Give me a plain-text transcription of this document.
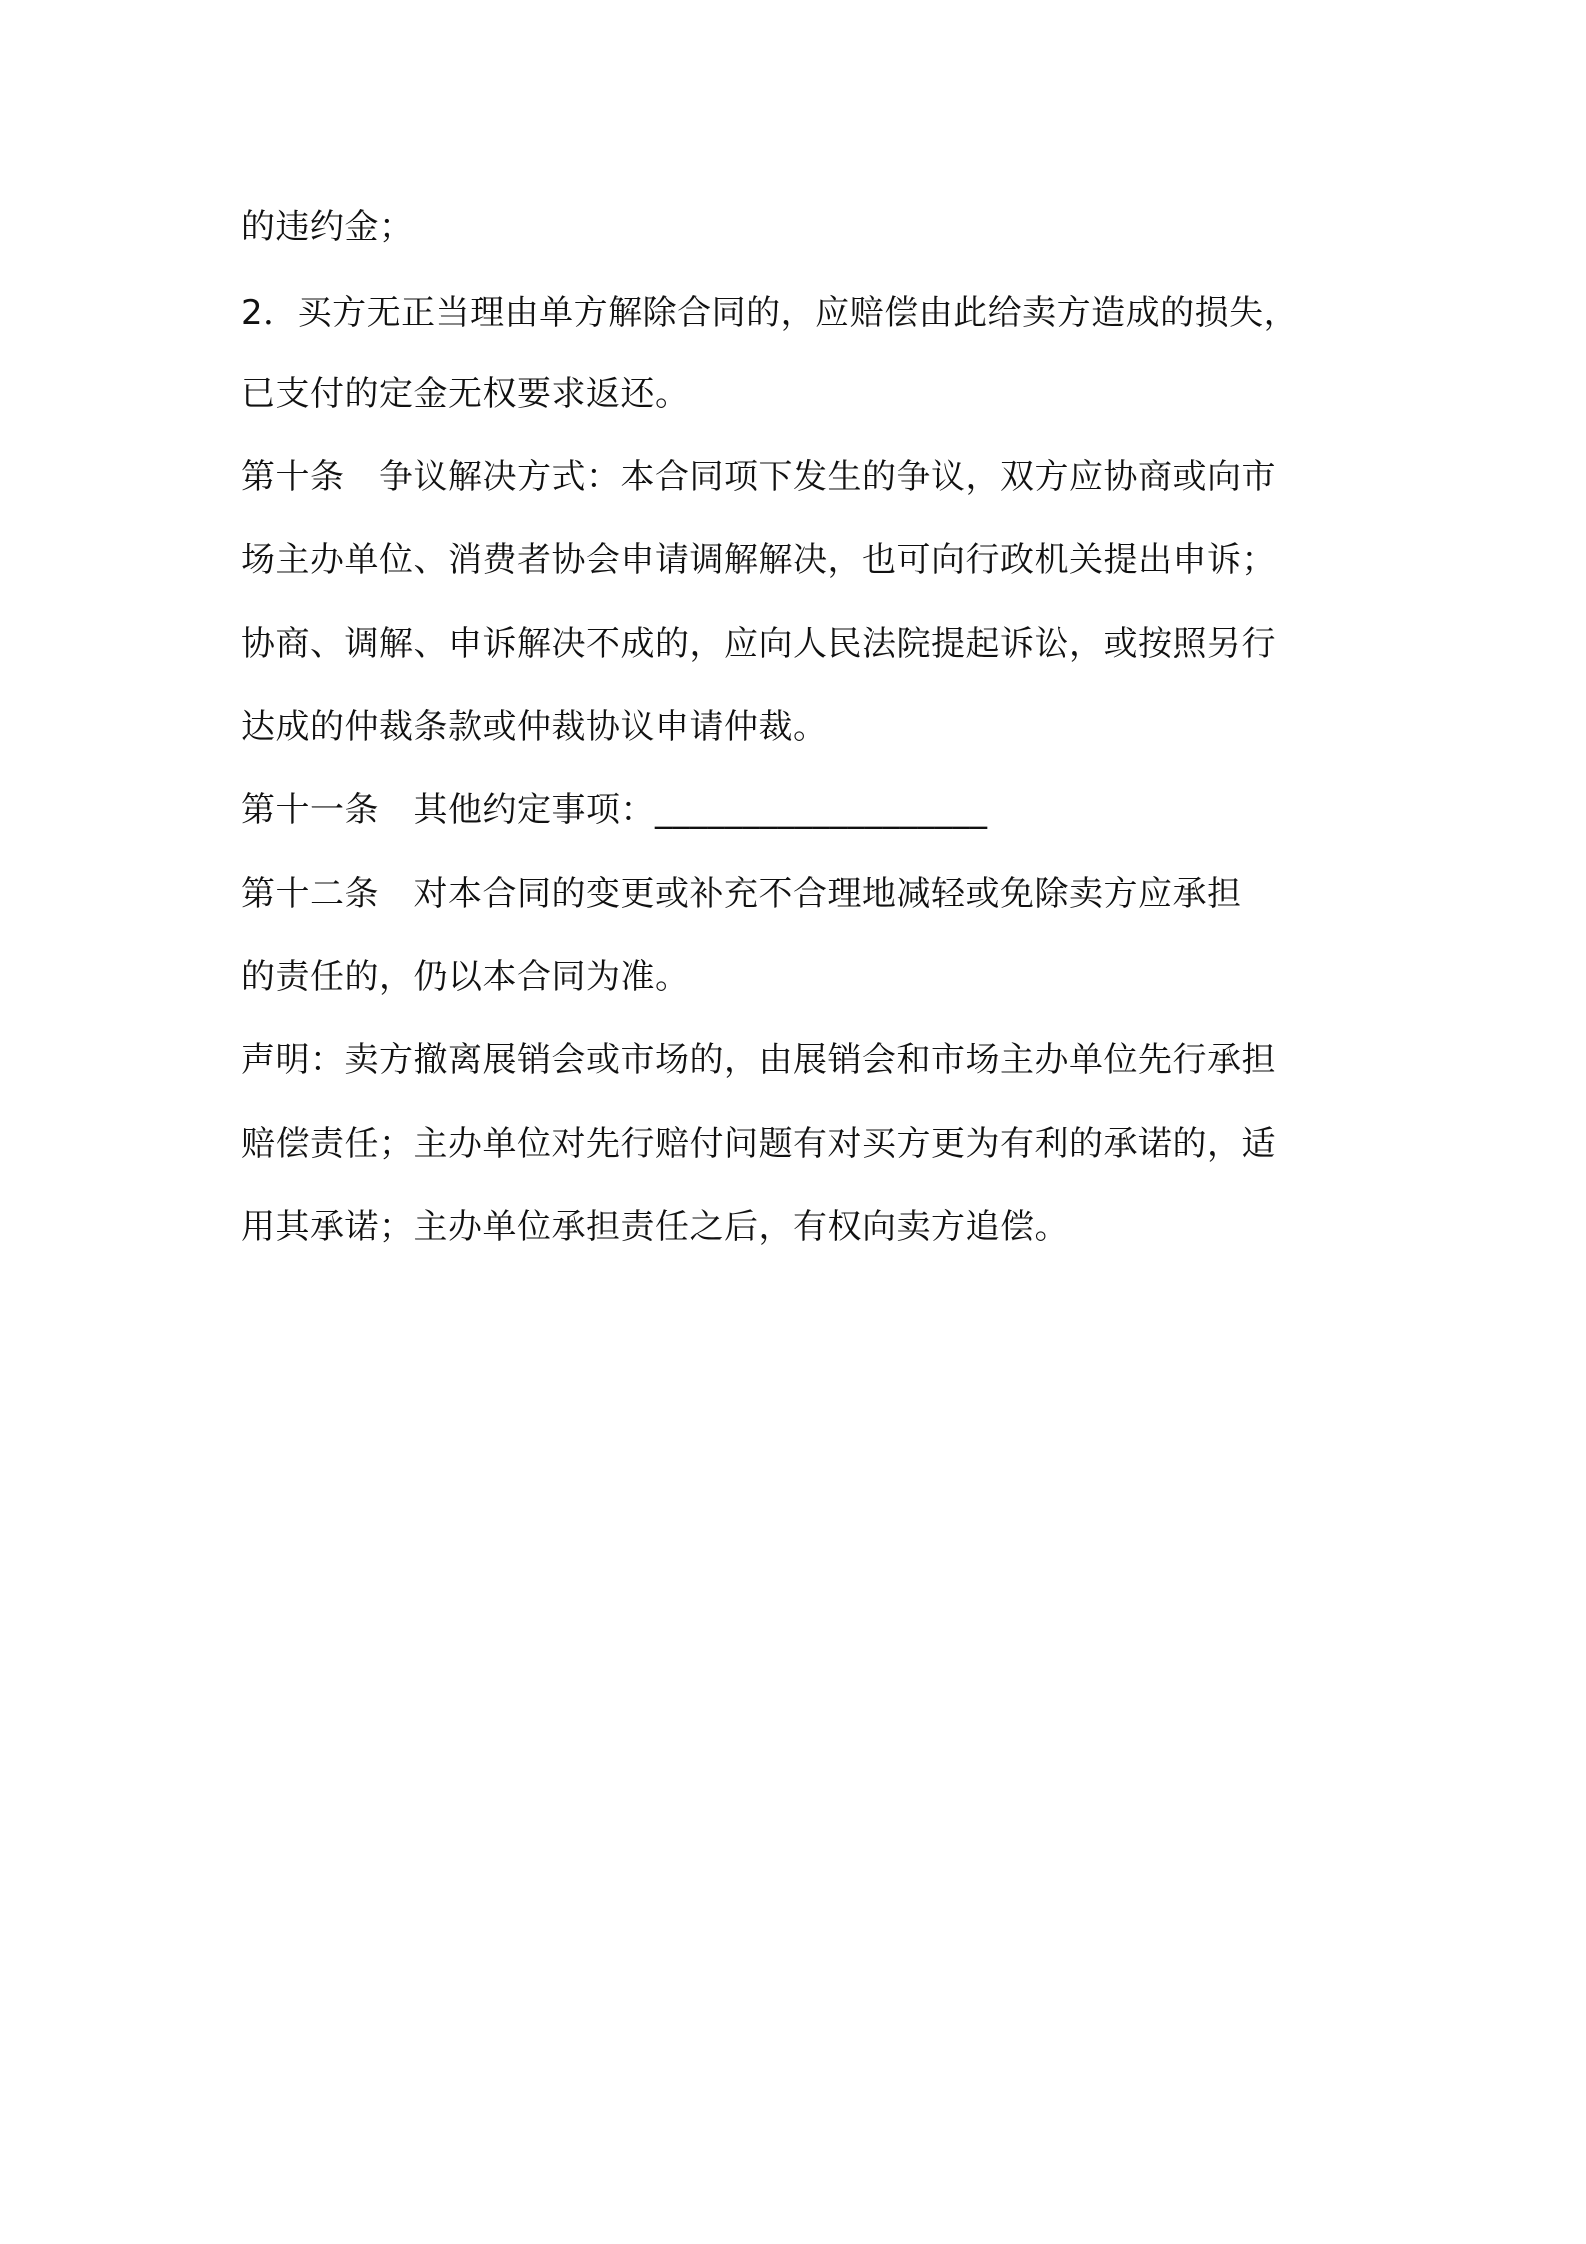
的违约金；
2．买方无正当理由单方解除合同的，应赔偿由此给卖方造成的损失，
已支付的定金无权要求返还。
第十条　争议解决方式：本合同项下发生的争议，双方应协商或向市
场主办单位、消费者协会申请调解解决，也可向行政机关提出申诉；
协商、调解、申诉解决不成的，应向人民法院提起诉讼，或按照另行
达成的仲裁条款或仲裁协议申请仲裁。
第十一条　其他约定事项：___________________
第十二条　对本合同的变更或补充不合理地减轻或免除卖方应承担
的责任的，仍以本合同为准。
声明：卖方撤离展销会或市场的，由展销会和市场主办单位先行承担
赔偿责任；主办单位对先行赔付问题有对买方更为有利的承诺的，适
用其承诺；主办单位承担责任之后，有权向卖方追偿。
